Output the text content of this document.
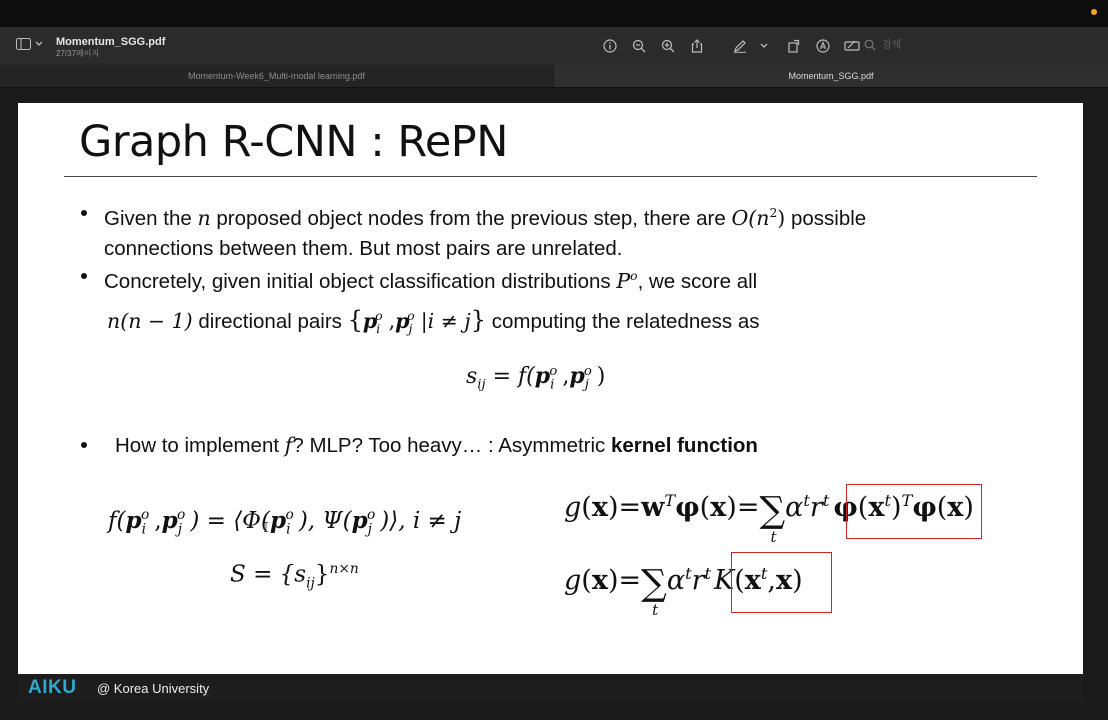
Momentum_SGG.pdf
27/37페이지
검색
Momentum-Week6_Multi-modal learning.pdf	Momentum_SGG.pdf
Graph R-CNN : RePN
Given the n proposed object nodes from the previous step, there are $O(n^2)$ possible
connections between them. But most pairs are unrelated.
Concretely, given initial object classification distributions $P^o$, we score all
n(n − 1) directional pairs {$p_i^o$ $,p_j^o$ |i ≠ j} computing the relatedness as
$s_{ij} = f(p_i^o$ $,p_j^o$ )
How to implement f? MLP? Too heavy… : Asymmetric kernel function
$f(p_i^o$ $,p_j^o$ ) = $⟨\Phi(p_i^o$ ), $\Psi(p_j^o$ )⟩, i ≠ j
$S = \{s_{ij}\}^{n\times n}$
$g(x)=w^T\varphi(x)=\sum$
t
$\alpha^tr^t$ $\varphi(x^t)^T\varphi(x)$
g(x)=∑
t
$\alpha^tr^t$ $K(x^t,x)$
AIKU @ Korea University
